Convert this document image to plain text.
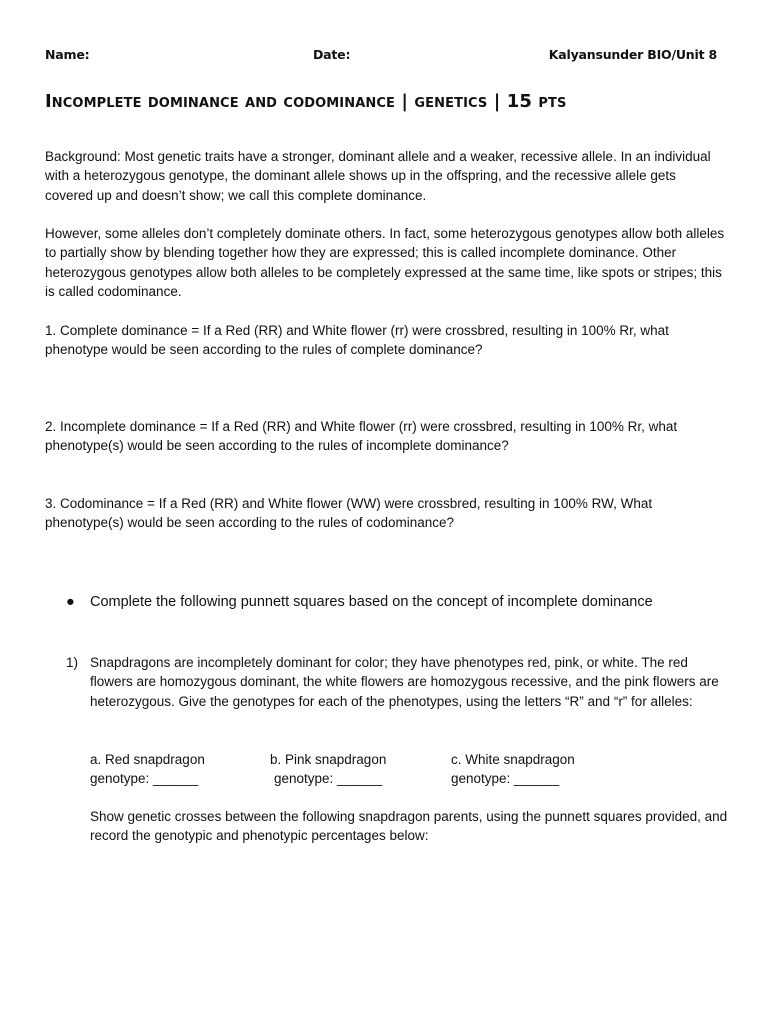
Name:	Date:	Kalyansunder BIO/Unit 8
Incomplete dominance and codominance | genetics | 15 pts

Background: Most genetic traits have a stronger, dominant allele and a weaker, recessive allele. In an individual with a heterozygous genotype, the dominant allele shows up in the offspring, and the recessive allele gets covered up and doesn’t show; we call this complete dominance.

However, some alleles don’t completely dominate others. In fact, some heterozygous genotypes allow both alleles to partially show by blending together how they are expressed; this is called incomplete dominance. Other heterozygous genotypes allow both alleles to be completely expressed at the same time, like spots or stripes; this is called codominance.

1. Complete dominance = If a Red (RR) and White flower (rr) were crossbred, resulting in 100% Rr, what phenotype would be seen according to the rules of complete dominance?

2. Incomplete dominance = If a Red (RR) and White flower (rr) were crossbred, resulting in 100% Rr, what phenotype(s) would be seen according to the rules of incomplete dominance?

3. Codominance = If a Red (RR) and White flower (WW) were crossbred, resulting in 100% RW, What phenotype(s) would be seen according to the rules of codominance?

● Complete the following punnett squares based on the concept of incomplete dominance
1) Snapdragons are incompletely dominant for color; they have phenotypes red, pink, or white. The red flowers are homozygous dominant, the white flowers are homozygous recessive, and the pink flowers are heterozygous. Give the genotypes for each of the phenotypes, using the letters “R” and “r” for alleles:
a. Red snapdragon
genotype: ______
b. Pink snapdragon
genotype: ______
c. White snapdragon
genotype: ______
Show genetic crosses between the following snapdragon parents, using the punnett squares provided, and record the genotypic and phenotypic percentages below:
